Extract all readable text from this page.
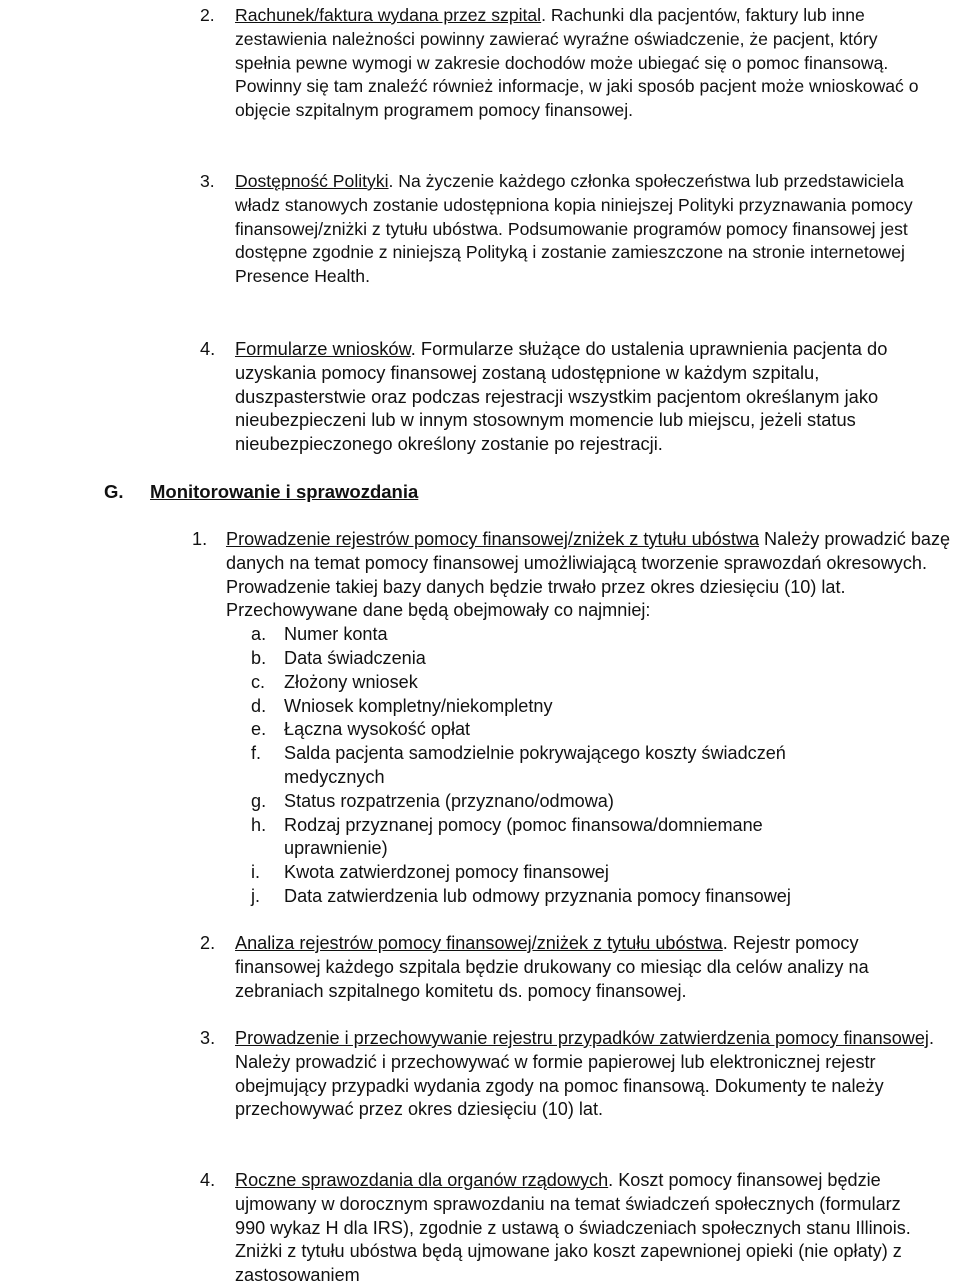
2. Rachunek/faktura wydana przez szpital. Rachunki dla pacjentów, faktury lub inne zestawienia należności powinny zawierać wyraźne oświadczenie, że pacjent, który spełnia pewne wymogi w zakresie dochodów może ubiegać się o pomoc finansową. Powinny się tam znaleźć również informacje, w jaki sposób pacjent może wnioskować o objęcie szpitalnym programem pomocy finansowej.
3. Dostępność Polityki. Na życzenie każdego członka społeczeństwa lub przedstawiciela władz stanowych zostanie udostępniona kopia niniejszej Polityki przyznawania pomocy finansowej/zniżki z tytułu ubóstwa. Podsumowanie programów pomocy finansowej jest dostępne zgodnie z niniejszą Polityką i zostanie zamieszczone na stronie internetowej Presence Health.
4. Formularze wniosków. Formularze służące do ustalenia uprawnienia pacjenta do uzyskania pomocy finansowej zostaną udostępnione w każdym szpitalu, duszpasterstwie oraz podczas rejestracji wszystkim pacjentom określanym jako nieubezpieczeni lub w innym stosownym momencie lub miejscu, jeżeli status nieubezpieczonego określony zostanie po rejestracji.
G. Monitorowanie i sprawozdania
1. Prowadzenie rejestrów pomocy finansowej/zniżek z tytułu ubóstwa Należy prowadzić bazę danych na temat pomocy finansowej umożliwiającą tworzenie sprawozdań okresowych. Prowadzenie takiej bazy danych będzie trwało przez okres dziesięciu (10) lat. Przechowywane dane będą obejmowały co najmniej:
a. Numer konta
b. Data świadczenia
c. Złożony wniosek
d. Wniosek kompletny/niekompletny
e. Łączna wysokość opłat
f. Salda pacjenta samodzielnie pokrywającego koszty świadczeń medycznych
g. Status rozpatrzenia (przyznano/odmowa)
h. Rodzaj przyznanej pomocy (pomoc finansowa/domniemane uprawnienie)
i. Kwota zatwierdzonej pomocy finansowej
j. Data zatwierdzenia lub odmowy przyznania pomocy finansowej
2. Analiza rejestrów pomocy finansowej/zniżek z tytułu ubóstwa. Rejestr pomocy finansowej każdego szpitala będzie drukowany co miesiąc dla celów analizy na zebraniach szpitalnego komitetu ds. pomocy finansowej.
3. Prowadzenie i przechowywanie rejestru przypadków zatwierdzenia pomocy finansowej. Należy prowadzić i przechowywać w formie papierowej lub elektronicznej rejestr obejmujący przypadki wydania zgody na pomoc finansową. Dokumenty te należy przechowywać przez okres dziesięciu (10) lat.
4. Roczne sprawozdania dla organów rządowych. Koszt pomocy finansowej będzie ujmowany w dorocznym sprawozdaniu na temat świadczeń społecznych (formularz 990 wykaz H dla IRS), zgodnie z ustawą o świadczeniach społecznych stanu Illinois. Zniżki z tytułu ubóstwa będą ujmowane jako koszt zapewnionej opieki (nie opłaty) z zastosowaniem
